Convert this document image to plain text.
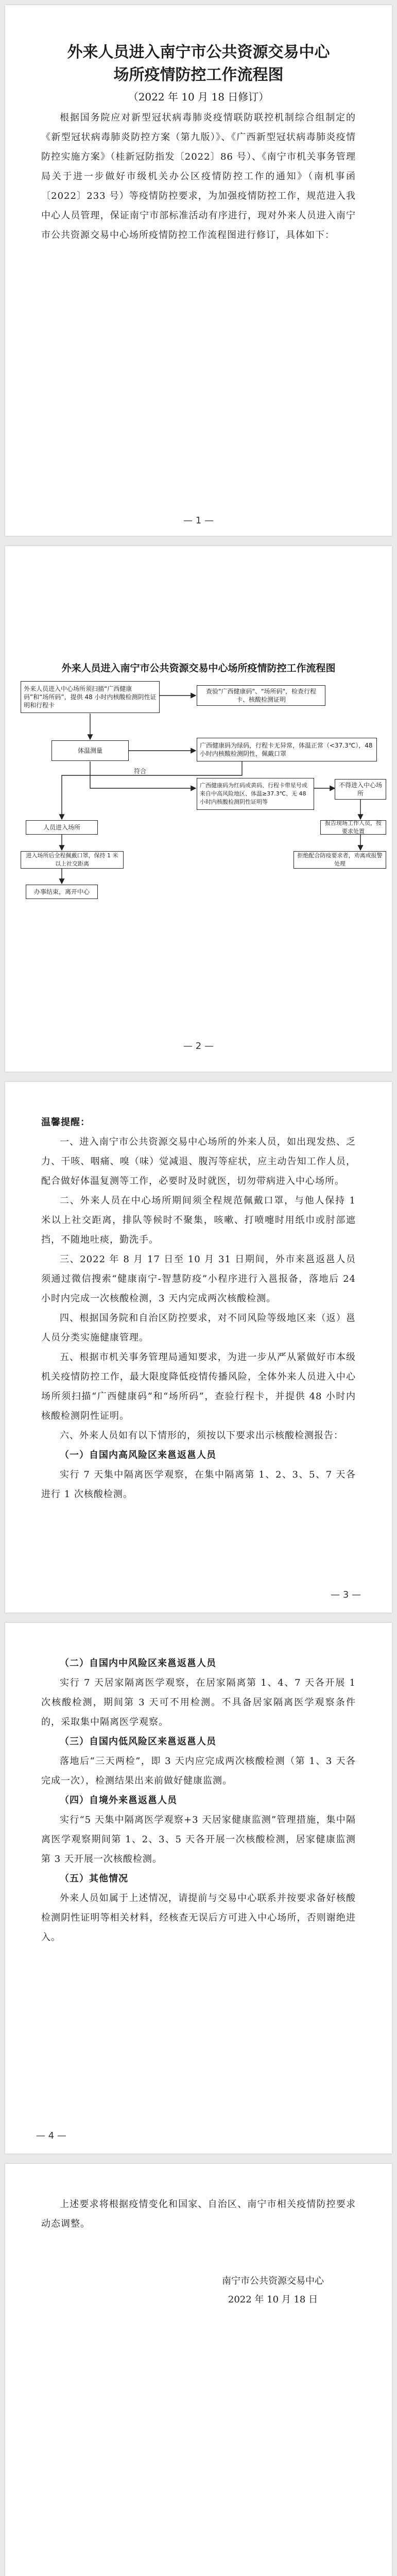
外来人员进入南宁市公共资源交易中心
场所疫情防控工作流程图
（2022 年 10 月 18 日修订）

根据国务院应对新型冠状病毒肺炎疫情联防联控机制综合组制定的《新型冠状病毒肺炎防控方案（第九版）》、《广西新型冠状病毒肺炎疫情防控实施方案》（桂新冠防指发〔2022〕86 号）、《南宁市机关事务管理局关于进一步做好市级机关办公区疫情防控工作的通知》（南机事函〔2022〕233 号）等疫情防控要求，为加强疫情防控工作，规范进入我中心人员管理，保证南宁市部标准活动有序进行，现对外来人员进入南宁市公共资源交易中心场所疫情防控工作流程图进行修订，具体如下：

— 1 —
外来人员进入南宁市公共资源交易中心场所疫情防控工作流程图
外来人员进入中心场所须扫描“广西健康码”和“场所码”，提供 48 小时内核酸检测阴性证明和行程卡
查验"广西健康码"、"场所码"，检查行程卡、核酸检测证明
体温测量
广西健康码为绿码，行程卡无异常，体温正常（<37.3℃），48 小时内核酸检测阴性，佩戴口罩
广西健康码为红码或黄码、行程卡带星号或来自中高风险地区、体温≥37.3℃、无 48 小时内核酸检测阴性证明等
不得进入中心场所
报告现场工作人员，按要求处置
人员进入场所
进入场所后全程佩戴口罩，保持 1 米以上社交距离
办事结束，离开中心
拒绝配合防疫要求者，劝离或报警处理
符合
— 2 —

温馨提醒：

一、进入南宁市公共资源交易中心场所的外来人员，如出现发热、乏力、干咳、咽痛、嗅（味）觉减退、腹泻等症状，应主动告知工作人员，配合做好体温复测等工作，必要时及时就医，切勿带病进入中心场所。

二、外来人员在中心场所期间须全程规范佩戴口罩，与他人保持 1 米以上社交距离，排队等候时不聚集，咳嗽、打喷嚏时用纸巾或肘部遮挡，不随地吐痰，勤洗手。

三、2022 年 8 月 17 日至 10 月 31 日期间，外市来邕返邕人员须通过微信搜索“健康南宁-智慧防疫”小程序进行入邕报备，落地后 24 小时内完成一次核酸检测，3 天内完成两次核酸检测。

四、根据国务院和自治区防控要求，对不同风险等级地区来（返）邕人员分类实施健康管理。

五、根据市机关事务管理局通知要求，为进一步从严从紧做好市本级机关疫情防控工作，最大限度降低疫情传播风险，全体外来人员进入中心场所须扫描“广西健康码”和“场所码”，查验行程卡，并提供 48 小时内核酸检测阴性证明。

六、外来人员如有以下情形的，须按以下要求出示核酸检测报告：

（一）自国内高风险区来邕返邕人员

实行 7 天集中隔离医学观察，在集中隔离第 1、2、3、5、7 天各进行 1 次核酸检测。

— 3 —

（二）自国内中风险区来邕返邕人员

实行 7 天居家隔离医学观察，在居家隔离第 1、4、7 天各开展 1 次核酸检测，期间第 3 天可不用检测。不具备居家隔离医学观察条件的，采取集中隔离医学观察。

（三）自国内低风险区来邕返邕人员

落地后“三天两检”，即 3 天内应完成两次核酸检测（第 1、3 天各完成一次），检测结果出来前做好健康监测。

（四）自境外来邕返邕人员

实行“5 天集中隔离医学观察+3 天居家健康监测”管理措施，集中隔离医学观察期间第 1、2、3、5 天各开展一次核酸检测，居家健康监测第 3 天开展一次核酸检测。

（五）其他情况

外来人员如属于上述情况，请提前与交易中心联系并按要求备好核酸检测阴性证明等相关材料，经核查无误后方可进入中心场所，否则谢绝进入。

— 4 —

上述要求将根据疫情变化和国家、自治区、南宁市相关疫情防控要求动态调整。

南宁市公共资源交易中心
2022 年 10 月 18 日
